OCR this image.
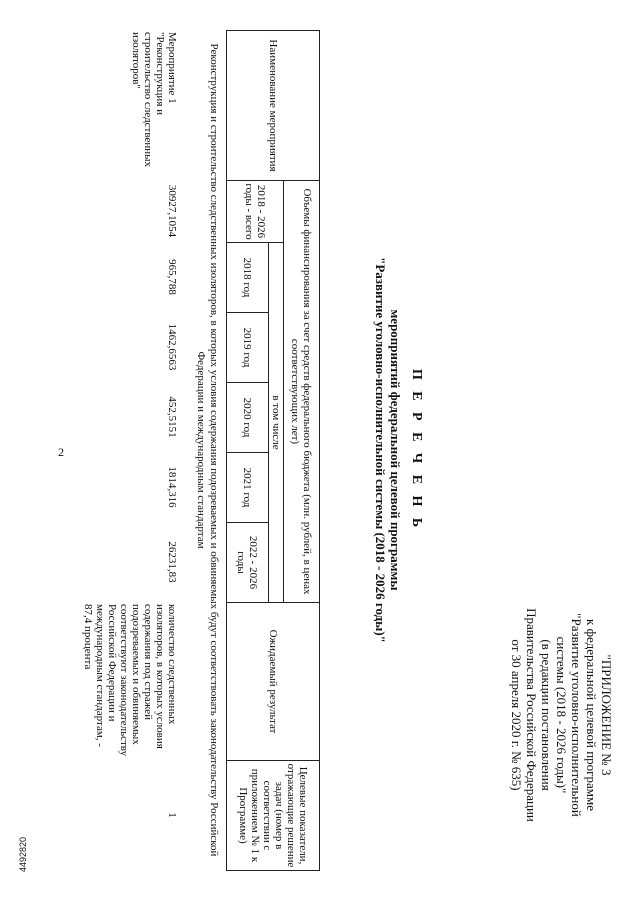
2
"ПРИЛОЖЕНИЕ № 3
к федеральной целевой программе
"Развитие уголовно-исполнительной
системы (2018 - 2026 годы)"
(в редакции постановления
Правительства Российской Федерации
от 30 апреля 2020 г. № 635)
П Е Р Е Ч Е Н Ь
мероприятий федеральной целевой программы
"Развитие уголовно-исполнительной системы (2018 - 2026 годы)"
Наименование мероприятия	Объемы финансирования за счет средств федерального бюджета (млн. рублей, в ценах соответствующих лет)						Ожидаемый результат	Целевые показатели, отражающие решение задач (номер в соответствии с приложением № 1 к Программе)
	2018 - 2026 годы - всего	в том числе						
		2018 год	2019 год	2020 год	2021 год	2022 - 2026 годы		
Реконструкция и строительство следственных изоляторов, в которых условия содержания подозреваемых и обвиняемых будут соответствовать законодательству Российской Федерации и международным стандартам
Мероприятие 1 "Реконструкция и строительство следственных изоляторов"	30927,1054	965,788	1462,6563	452,5151	1814,316	26231,83	количество следственных изоляторов, в которых условия содержания под стражей подозреваемых и обвиняемых соответствуют законодательству Российской Федерации и международным стандартам, - 87,4 процента	1
4492820
